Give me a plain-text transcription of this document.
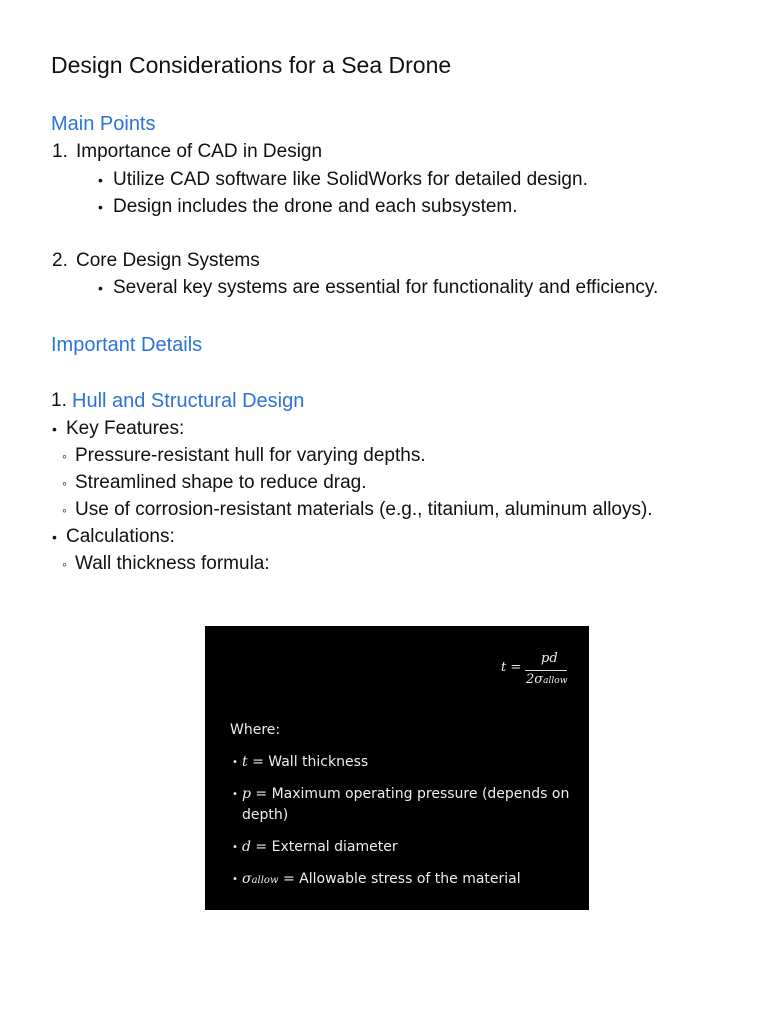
Design Considerations for a Sea Drone
Main Points
1. Importance of CAD in Design
• Utilize CAD software like SolidWorks for detailed design.
• Design includes the drone and each subsystem.
2. Core Design Systems
• Several key systems are essential for functionality and efficiency.
Important Details
1. Hull and Structural Design
• Key Features:
◦ Pressure-resistant hull for varying depths.
◦ Streamlined shape to reduce drag.
◦ Use of corrosion-resistant materials (e.g., titanium, aluminum alloys).
• Calculations:
◦ Wall thickness formula:
t =
pd
2σallow
Where:
• t = Wall thickness
• p = Maximum operating pressure (depends on
depth)
• d = External diameter
• σallow = Allowable stress of the material
